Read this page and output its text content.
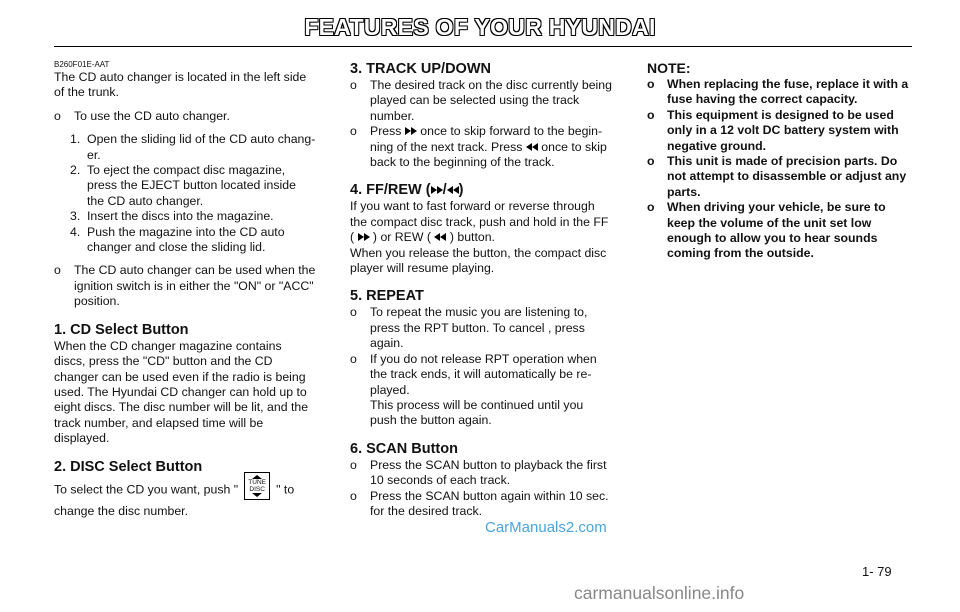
FEATURES OF YOUR HYUNDAI

B260F01E-AAT

The CD auto changer is located in the left side of the trunk.

o To use the CD auto changer.
1. Open the sliding lid of the CD auto chang- er.
2. To eject the compact disc magazine, press the EJECT button located inside the CD auto changer.
3. Insert the discs into the magazine.
4. Push the magazine into the CD auto changer and close the sliding lid.
o The CD auto changer can be used when the ignition switch is in either the "ON" or "ACC" position.

1. CD Select Button

When the CD changer magazine contains discs, press the "CD" button and the CD changer can be used even if the radio is being used. The Hyundai CD changer can hold up to eight discs. The disc number will be lit, and the track number, and elapsed time will be displayed.

2. DISC Select Button

To select the CD you want, push " TUNE
DISC " to change the disc number.

3. TRACK UP/DOWN

o The desired track on the disc currently being played can be selected using the track number.
o Press  once to skip forward to the begin- ning of the next track. Press  once to skip back to the beginning of the track.

4. FF/REW ( / )

If you want to fast forward or reverse through the compact disc track, push and hold in the FF (  ) or REW (  ) button.

When you release the button, the compact disc player will resume playing.

5. REPEAT

o To repeat the music you are listening to, press the RPT button. To cancel , press again.
o If you do not release RPT operation when the track ends, it will automatically be re- played.
This process will be continued until you push the button again.

6. SCAN Button

o Press the SCAN button to playback the first 10 seconds of each track.
o Press the SCAN button again within 10 sec. for the desired track.

NOTE:

o When replacing the fuse, replace it with a fuse having the correct capacity.
o This equipment is designed to be used only in a 12 volt DC battery system with negative ground.
o This unit is made of precision parts. Do not attempt to disassemble or adjust any parts.
o When driving your vehicle, be sure to keep the volume of the unit set low enough to allow you to hear sounds coming from the outside.
CarManuals2.com
1- 79
carmanualsonline.info
